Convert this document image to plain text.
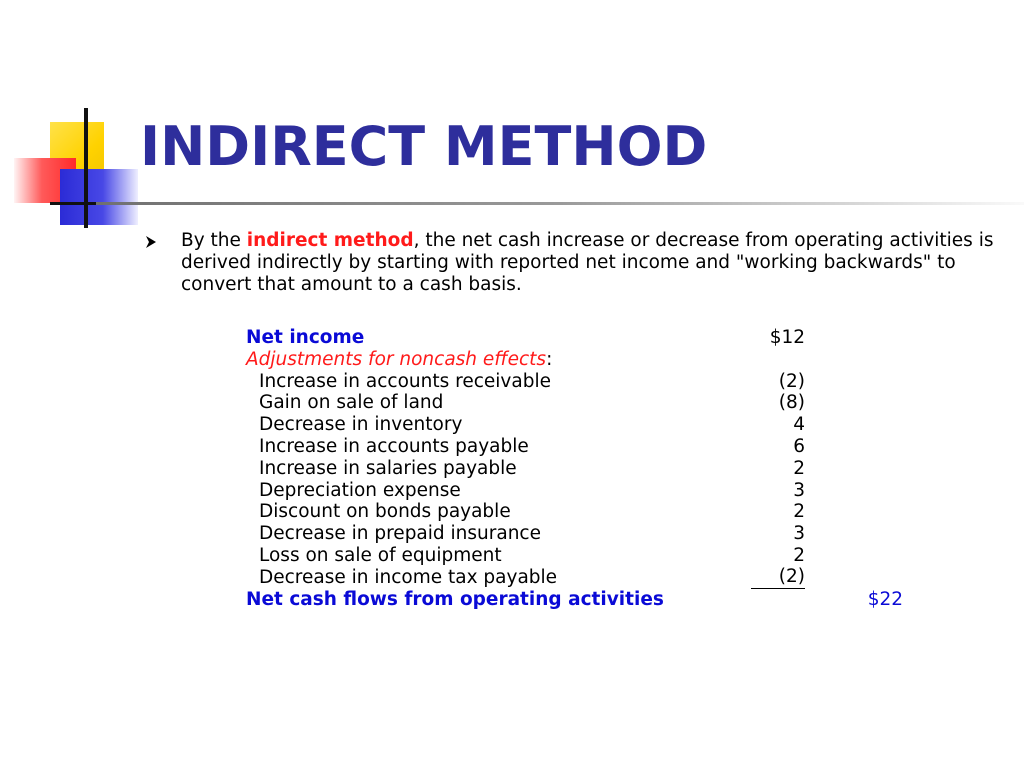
INDIRECT METHOD

By the indirect method, the net cash increase or decrease from operating activities is derived indirectly by starting with reported net income and "working backwards" to convert that amount to a cash basis.

Net income	$12
Adjustments for noncash effects:
Increase in accounts receivable	(2)
Gain on sale of land	(8)
Decrease in inventory	4
Increase in accounts payable	6
Increase in salaries payable	2
Depreciation expense	3
Discount on bonds payable	2
Decrease in prepaid insurance	3
Loss on sale of equipment	2
Decrease in income tax payable	(2)
Net cash flows from operating activities	$22
